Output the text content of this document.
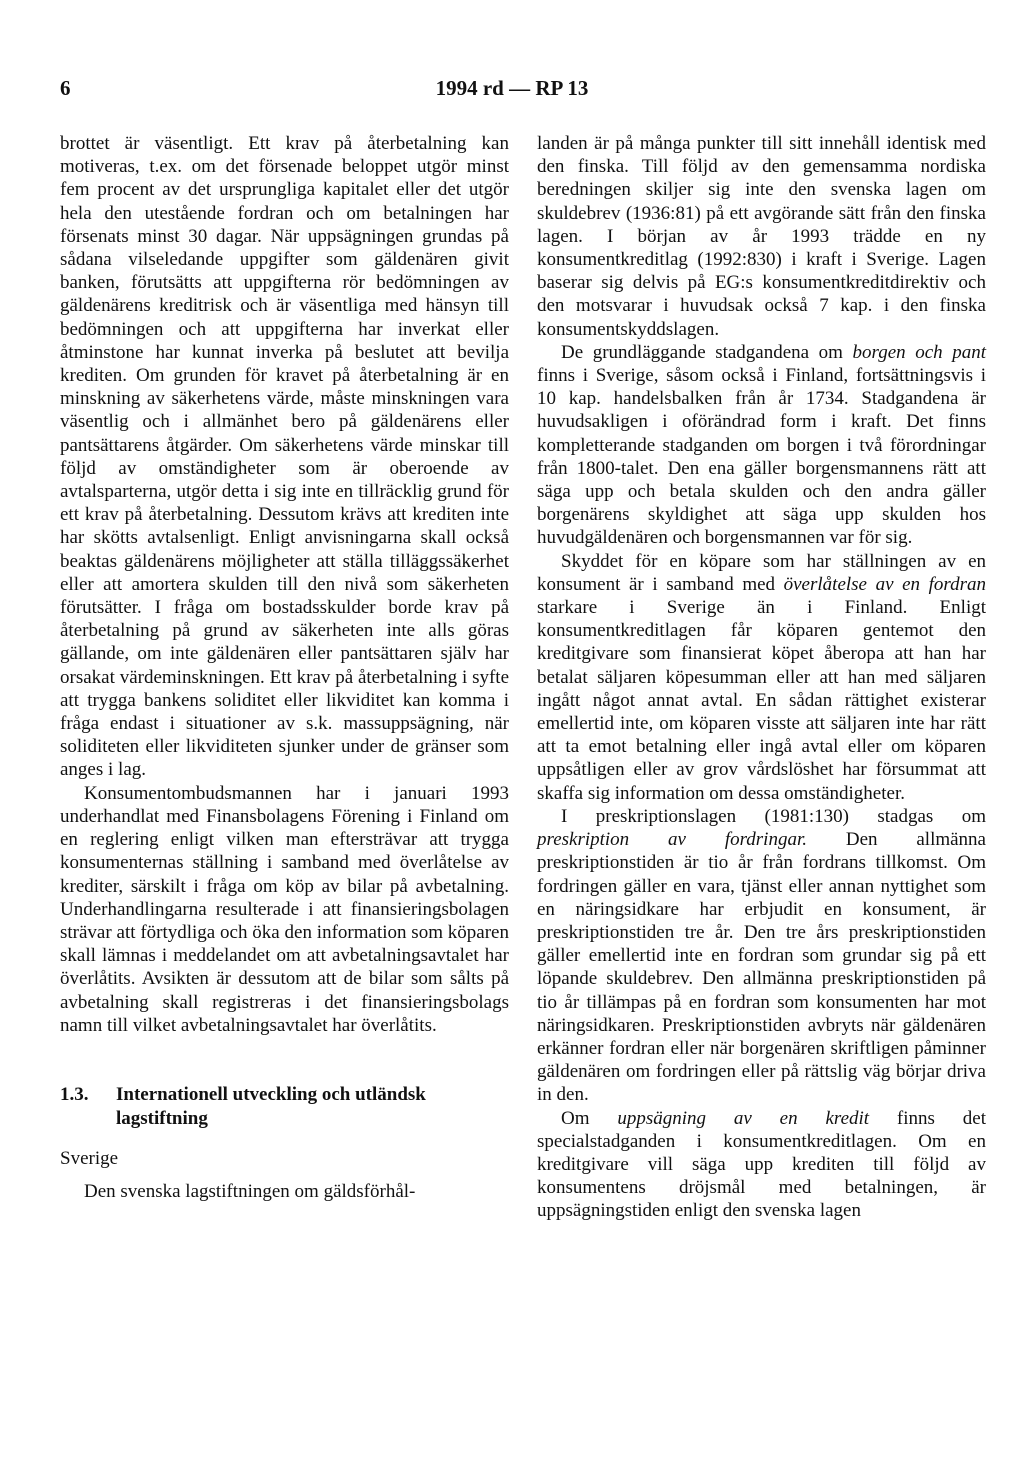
1994 rd — RP 13
6

brottet är väsentligt. Ett krav på återbetalning kan motiveras, t.ex. om det försenade beloppet utgör minst fem procent av det ursprungliga kapitalet eller det utgör hela den utestående fordran och om betalningen har försenats minst 30 dagar. När uppsägningen grundas på sådana vilseledande uppgifter som gäldenären givit banken, förutsätts att uppgifterna rör bedömningen av gäldenärens kreditrisk och är väsentliga med hänsyn till bedömningen och att uppgifterna har inverkat eller åtminstone har kunnat inverka på beslutet att bevilja krediten. Om grunden för kravet på återbetalning är en minskning av säkerhetens värde, måste minskningen vara väsentlig och i allmänhet bero på gäldenärens eller pantsättarens åtgärder. Om säkerhetens värde minskar till följd av omständigheter som är oberoende av avtalsparterna, utgör detta i sig inte en tillräcklig grund för ett krav på återbetalning. Dessutom krävs att krediten inte har skötts avtalsenligt. Enligt anvisningarna skall också beaktas gäldenärens möjligheter att ställa tilläggssäkerhet eller att amortera skulden till den nivå som säkerheten förutsätter. I fråga om bostadsskulder borde krav på återbetalning på grund av säkerheten inte alls göras gällande, om inte gäldenären eller pantsättaren själv har orsakat värdeminskningen. Ett krav på återbetalning i syfte att trygga bankens soliditet eller likviditet kan komma i fråga endast i situationer av s.k. massuppsägning, när soliditeten eller likviditeten sjunker under de gränser som anges i lag.

Konsumentombudsmannen har i januari 1993 underhandlat med Finansbolagens Förening i Finland om en reglering enligt vilken man eftersträvar att trygga konsumenternas ställning i samband med överlåtelse av krediter, särskilt i fråga om köp av bilar på avbetalning. Underhandlingarna resulterade i att finansieringsbolagen strävar att förtydliga och öka den information som köparen skall lämnas i meddelandet om att avbetalningsavtalet har överlåtits. Avsikten är dessutom att de bilar som sålts på avbetalning skall registreras i det finansieringsbolags namn till vilket avbetalningsavtalet har överlåtits.

1.3.	Internationell utveckling och utländsk lagstiftning
Sverige

Den svenska lagstiftningen om gäldsförhål-

landen är på många punkter till sitt innehåll identisk med den finska. Till följd av den gemensamma nordiska beredningen skiljer sig inte den svenska lagen om skuldebrev (1936:81) på ett avgörande sätt från den finska lagen. I början av år 1993 trädde en ny konsumentkreditlag (1992:830) i kraft i Sverige. Lagen baserar sig delvis på EG:s konsumentkreditdirektiv och den motsvarar i huvudsak också 7 kap. i den finska konsumentskyddslagen.

De grundläggande stadgandena om borgen och pant finns i Sverige, såsom också i Finland, fortsättningsvis i 10 kap. handelsbalken från år 1734. Stadgandena är huvudsakligen i oförändrad form i kraft. Det finns kompletterande stadganden om borgen i två förordningar från 1800-talet. Den ena gäller borgensmannens rätt att säga upp och betala skulden och den andra gäller borgenärens skyldighet att säga upp skulden hos huvudgäldenären och borgensmannen var för sig.

Skyddet för en köpare som har ställningen av en konsument är i samband med överlåtelse av en fordran starkare i Sverige än i Finland. Enligt konsumentkreditlagen får köparen gentemot den kreditgivare som finansierat köpet åberopa att han har betalat säljaren köpesumman eller att han med säljaren ingått något annat avtal. En sådan rättighet existerar emellertid inte, om köparen visste att säljaren inte har rätt att ta emot betalning eller ingå avtal eller om köparen uppsåtligen eller av grov vårdslöshet har försummat att skaffa sig information om dessa omständigheter.

I preskriptionslagen (1981:130) stadgas om preskription av fordringar. Den allmänna preskriptionstiden är tio år från fordrans tillkomst. Om fordringen gäller en vara, tjänst eller annan nyttighet som en näringsidkare har erbjudit en konsument, är preskriptionstiden tre år. Den tre års preskriptionstiden gäller emellertid inte en fordran som grundar sig på ett löpande skuldebrev. Den allmänna preskriptionstiden på tio år tillämpas på en fordran som konsumenten har mot näringsidkaren. Preskriptionstiden avbryts när gäldenären erkänner fordran eller när borgenären skriftligen påminner gäldenären om fordringen eller på rättslig väg börjar driva in den.

Om uppsägning av en kredit finns det specialstadganden i konsumentkreditlagen. Om en kreditgivare vill säga upp krediten till följd av konsumentens dröjsmål med betalningen, är uppsägningstiden enligt den svenska lagen
